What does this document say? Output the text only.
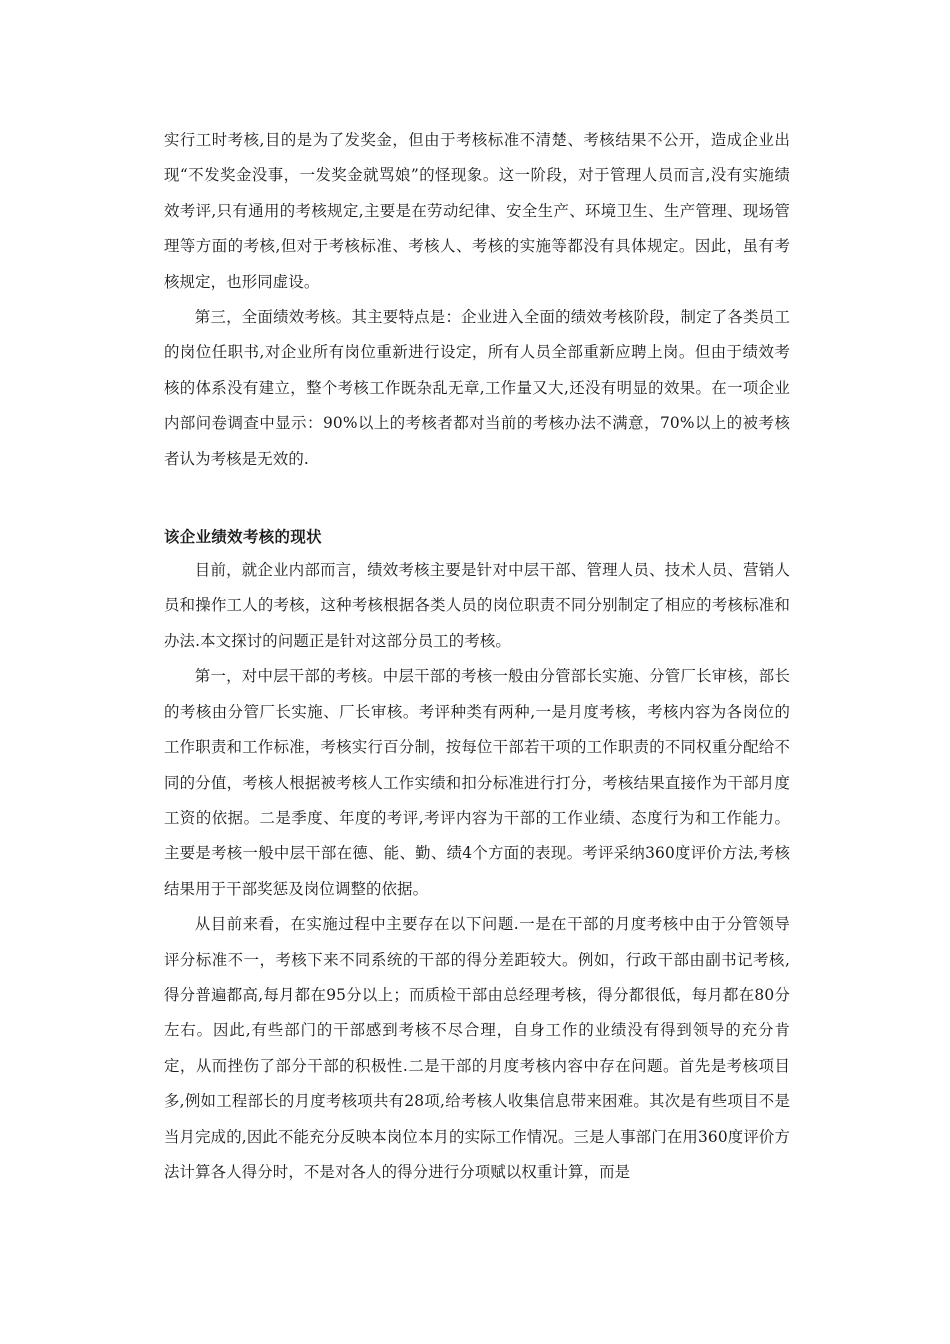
实行工时考核,目的是为了发奖金，但由于考核标准不清楚、考核结果不公开，造成企业出现“不发奖金没事，一发奖金就骂娘”的怪现象。这一阶段，对于管理人员而言,没有实施绩效考评,只有通用的考核规定,主要是在劳动纪律、安全生产、环境卫生、生产管理、现场管理等方面的考核,但对于考核标准、考核人、考核的实施等都没有具体规定。因此，虽有考核规定，也形同虚设。

第三，全面绩效考核。其主要特点是：企业进入全面的绩效考核阶段，制定了各类员工的岗位任职书,对企业所有岗位重新进行设定，所有人员全部重新应聘上岗。但由于绩效考核的体系没有建立，整个考核工作既杂乱无章,工作量又大,还没有明显的效果。在一项企业内部问卷调查中显示：90%以上的考核者都对当前的考核办法不满意，70%以上的被考核者认为考核是无效的.

该企业绩效考核的现状

目前，就企业内部而言，绩效考核主要是针对中层干部、管理人员、技术人员、营销人员和操作工人的考核，这种考核根据各类人员的岗位职责不同分别制定了相应的考核标准和办法.本文探讨的问题正是针对这部分员工的考核。

第一，对中层干部的考核。中层干部的考核一般由分管部长实施、分管厂长审核，部长的考核由分管厂长实施、厂长审核。考评种类有两种,一是月度考核，考核内容为各岗位的工作职责和工作标准，考核实行百分制，按每位干部若干项的工作职责的不同权重分配给不同的分值，考核人根据被考核人工作实绩和扣分标准进行打分，考核结果直接作为干部月度工资的依据。二是季度、年度的考评,考评内容为干部的工作业绩、态度行为和工作能力。主要是考核一般中层干部在德、能、勤、绩4个方面的表现。考评采纳360度评价方法,考核结果用于干部奖惩及岗位调整的依据。

从目前来看，在实施过程中主要存在以下问题.一是在干部的月度考核中由于分管领导评分标准不一，考核下来不同系统的干部的得分差距较大。例如，行政干部由副书记考核,得分普遍都高,每月都在95分以上；而质检干部由总经理考核，得分都很低，每月都在80分左右。因此,有些部门的干部感到考核不尽合理，自身工作的业绩没有得到领导的充分肯定，从而挫伤了部分干部的积极性.二是干部的月度考核内容中存在问题。首先是考核项目多,例如工程部长的月度考核项共有28项,给考核人收集信息带来困难。其次是有些项目不是当月完成的,因此不能充分反映本岗位本月的实际工作情况。三是人事部门在用360度评价方法计算各人得分时，不是对各人的得分进行分项赋以权重计算，而是
